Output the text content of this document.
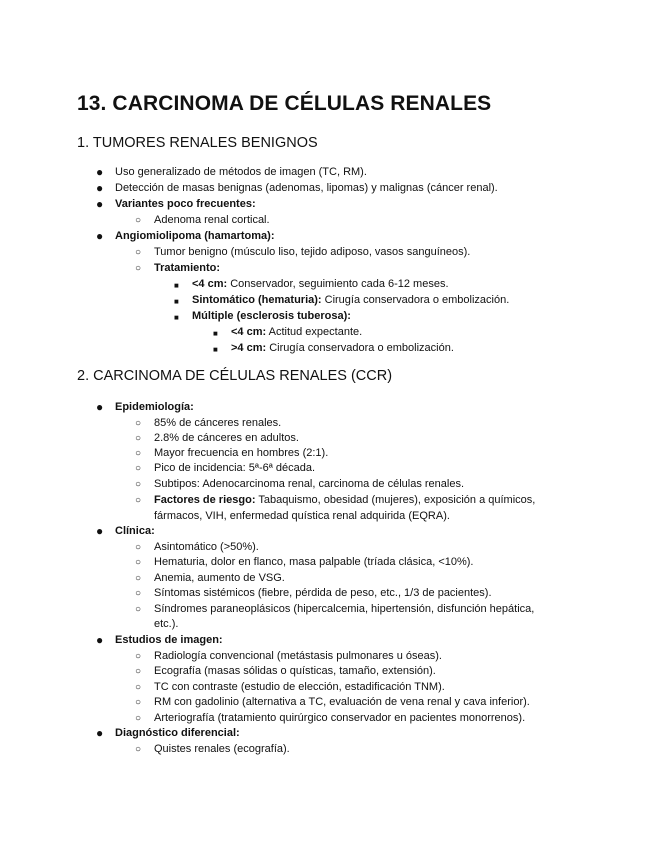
13. CARCINOMA DE CÉLULAS RENALES
1. TUMORES RENALES BENIGNOS
● Uso generalizado de métodos de imagen (TC, RM).
● Detección de masas benignas (adenomas, lipomas) y malignas (cáncer renal).
● Variantes poco frecuentes:
○ Adenoma renal cortical.
● Angiomiolipoma (hamartoma):
○ Tumor benigno (músculo liso, tejido adiposo, vasos sanguíneos).
○ Tratamiento:
■ <4 cm: Conservador, seguimiento cada 6-12 meses.
■ Sintomático (hematuria): Cirugía conservadora o embolización.
■ Múltiple (esclerosis tuberosa):
■ <4 cm: Actitud expectante.
■ >4 cm: Cirugía conservadora o embolización.
2. CARCINOMA DE CÉLULAS RENALES (CCR)
● Epidemiología:
○ 85% de cánceres renales.
○ 2.8% de cánceres en adultos.
○ Mayor frecuencia en hombres (2:1).
○ Pico de incidencia: 5ª-6ª década.
○ Subtipos: Adenocarcinoma renal, carcinoma de células renales.
○ Factores de riesgo: Tabaquismo, obesidad (mujeres), exposición a químicos,
fármacos, VIH, enfermedad quística renal adquirida (EQRA).
● Clínica:
○ Asintomático (>50%).
○ Hematuria, dolor en flanco, masa palpable (tríada clásica, <10%).
○ Anemia, aumento de VSG.
○ Síntomas sistémicos (fiebre, pérdida de peso, etc., 1/3 de pacientes).
○ Síndromes paraneoplásicos (hipercalcemia, hipertensión, disfunción hepática,
etc.).
● Estudios de imagen:
○ Radiología convencional (metástasis pulmonares u óseas).
○ Ecografía (masas sólidas o quísticas, tamaño, extensión).
○ TC con contraste (estudio de elección, estadificación TNM).
○ RM con gadolinio (alternativa a TC, evaluación de vena renal y cava inferior).
○ Arteriografía (tratamiento quirúrgico conservador en pacientes monorrenos).
● Diagnóstico diferencial:
○ Quistes renales (ecografía).
